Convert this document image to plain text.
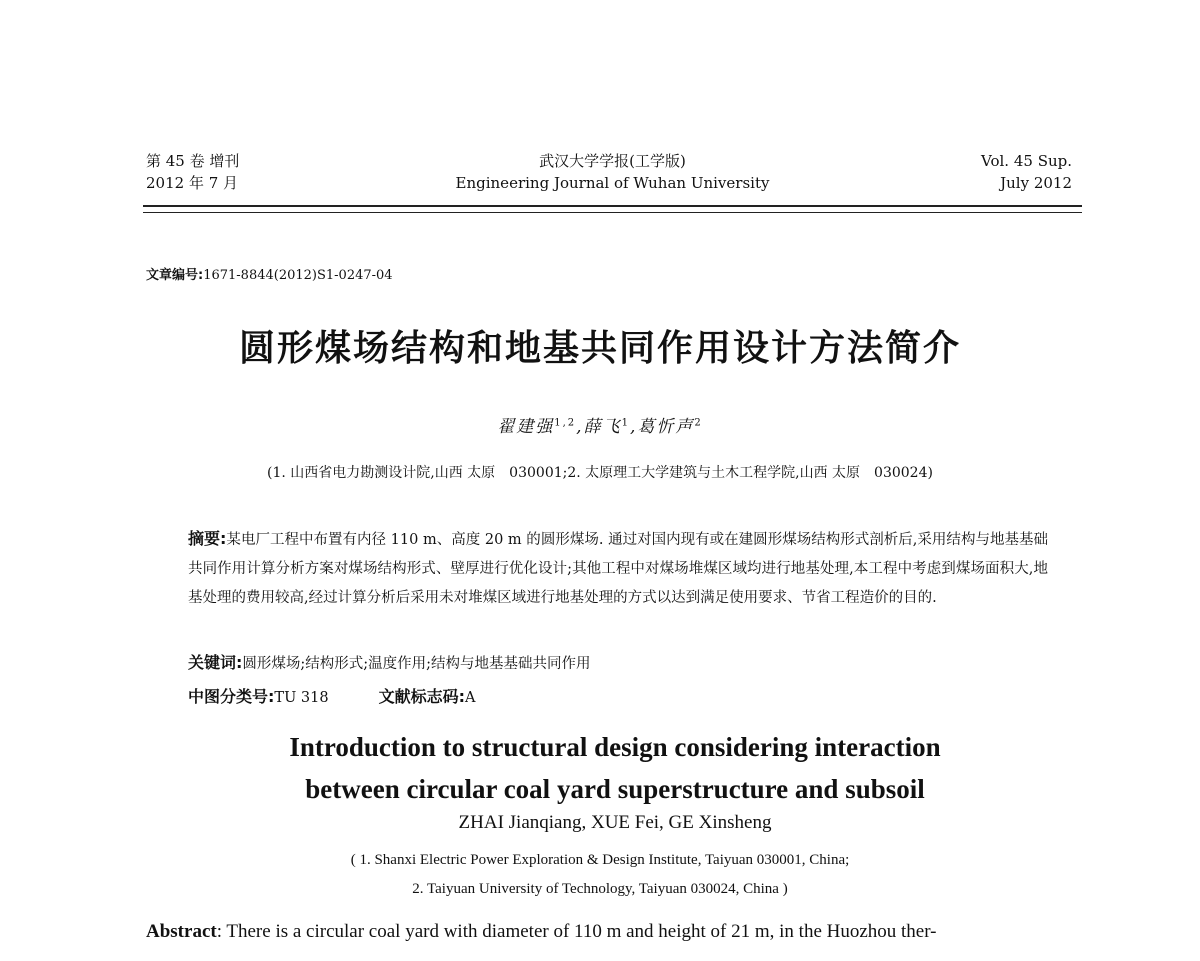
第 45 卷 增刊
2012 年 7 月
武汉大学学报(工学版)
Engineering Journal of Wuhan University
Vol. 45 Sup.
July 2012
文章编号:1671-8844(2012)S1-0247-04
圆形煤场结构和地基共同作用设计方法简介
翟建强$^{1,2}$,薛飞$^1$,葛忻声$^2$
(1. 山西省电力勘测设计院,山西 太原　030001;2. 太原理工大学建筑与土木工程学院,山西 太原　030024)
摘要:某电厂工程中布置有内径 110 m、高度 20 m 的圆形煤场. 通过对国内现有或在建圆形煤场结构形式剖析后,采用结构与地基基础共同作用计算分析方案对煤场结构形式、壁厚进行优化设计;其他工程中对煤场堆煤区域均进行地基处理,本工程中考虑到煤场面积大,地基处理的费用较高,经过计算分析后采用未对堆煤区域进行地基处理的方式以达到满足使用要求、节省工程造价的目的.
关键词:圆形煤场;结构形式;温度作用;结构与地基基础共同作用
中图分类号:TU 318	文献标志码:A
Introduction to structural design considering interaction
between circular coal yard superstructure and subsoil
ZHAI Jianqiang, XUE Fei, GE Xinsheng
( 1. Shanxi Electric Power Exploration & Design Institute, Taiyuan 030001, China;
2. Taiyuan University of Technology, Taiyuan 030024, China )
Abstract: There is a circular coal yard with diameter of 110 m and height of 21 m, in the Huozhou ther-
